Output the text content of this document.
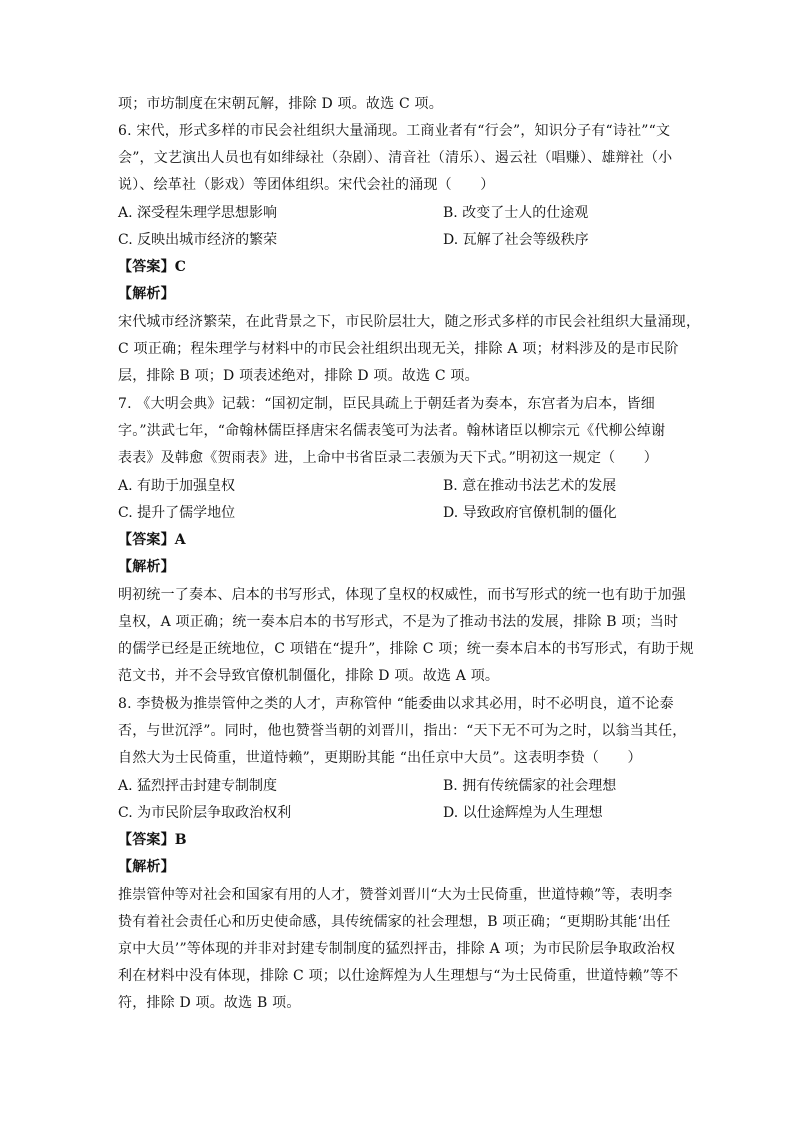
项；市坊制度在宋朝瓦解，排除 D 项。故选 C 项。
6. 宋代，形式多样的市民会社组织大量涌现。工商业者有“行会”，知识分子有“诗社”“文
会”，文艺演出人员也有如绯绿社（杂剧）、清音社（清乐）、遏云社（唱赚）、雄辩社（小
说）、绘革社（影戏）等团体组织。宋代会社的涌现（　　）
A. 深受程朱理学思想影响	B. 改变了士人的仕途观
C. 反映出城市经济的繁荣	D. 瓦解了社会等级秩序
【答案】C
【解析】
宋代城市经济繁荣，在此背景之下，市民阶层壮大，随之形式多样的市民会社组织大量涌现，
C 项正确；程朱理学与材料中的市民会社组织出现无关，排除 A 项；材料涉及的是市民阶
层，排除 B 项；D 项表述绝对，排除 D 项。故选 C 项。
7. 《大明会典》记载：“国初定制，臣民具疏上于朝廷者为奏本，东宫者为启本，皆细
字。”洪武七年，“命翰林儒臣择唐宋名儒表笺可为法者。翰林诸臣以柳宗元《代柳公绰谢
表表》及韩愈《贺雨表》进，上命中书省臣录二表颁为天下式。”明初这一规定（　　）
A. 有助于加强皇权	B. 意在推动书法艺术的发展
C. 提升了儒学地位	D. 导致政府官僚机制的僵化
【答案】A
【解析】
明初统一了奏本、启本的书写形式，体现了皇权的权威性，而书写形式的统一也有助于加强
皇权，A 项正确；统一奏本启本的书写形式，不是为了推动书法的发展，排除 B 项；当时
的儒学已经是正统地位，C 项错在“提升”，排除 C 项；统一奏本启本的书写形式，有助于规
范文书，并不会导致官僚机制僵化，排除 D 项。故选 A 项。
8. 李贽极为推崇管仲之类的人才，声称管仲 “能委曲以求其必用，时不必明良，道不论泰
否，与世沉浮”。同时，他也赞誉当朝的刘晋川，指出：“天下无不可为之时，以翁当其任，
自然大为士民倚重，世道恃赖”，更期盼其能 “出任京中大员”。这表明李贽（　　）
A. 猛烈抨击封建专制制度	B. 拥有传统儒家的社会理想
C. 为市民阶层争取政治权利	D. 以仕途辉煌为人生理想
【答案】B
【解析】
推崇管仲等对社会和国家有用的人才，赞誉刘晋川“大为士民倚重，世道恃赖”等，表明李
贽有着社会责任心和历史使命感，具传统儒家的社会理想，B 项正确；“更期盼其能‘出任
京中大员’”等体现的并非对封建专制制度的猛烈抨击，排除 A 项；为市民阶层争取政治权
利在材料中没有体现，排除 C 项；以仕途辉煌为人生理想与“为士民倚重，世道恃赖”等不
符，排除 D 项。故选 B 项。
